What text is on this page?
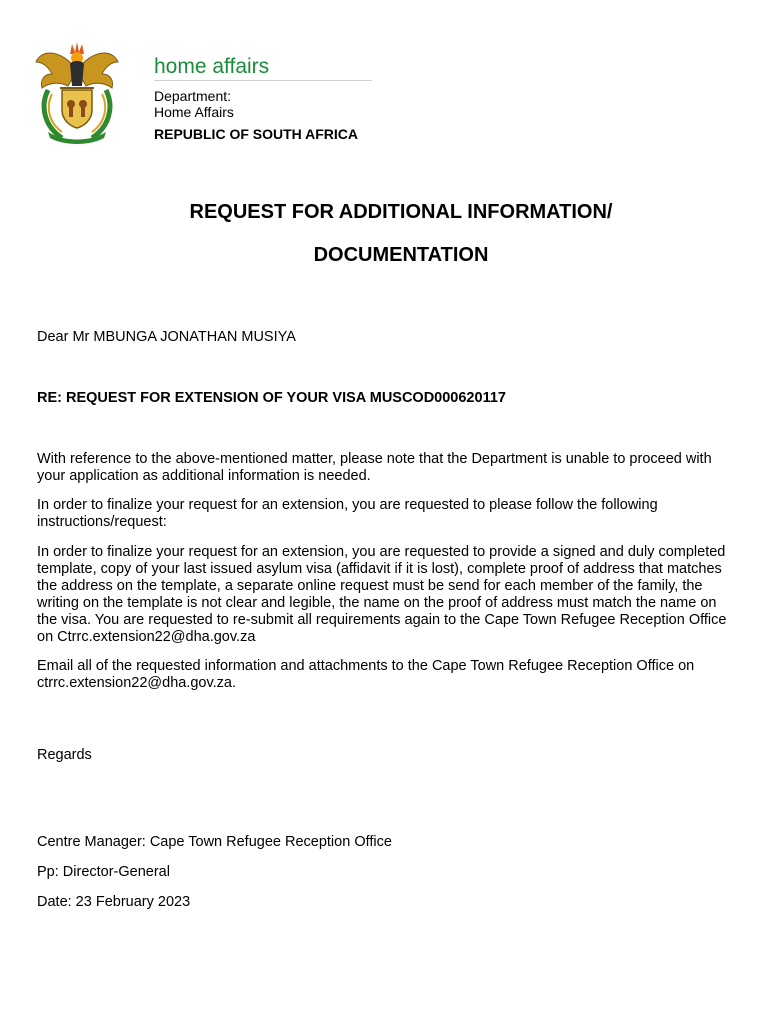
home affairs
Department:
Home Affairs
REPUBLIC OF SOUTH AFRICA
REQUEST FOR ADDITIONAL INFORMATION/
DOCUMENTATION
Dear Mr MBUNGA JONATHAN MUSIYA
RE: REQUEST FOR EXTENSION OF YOUR VISA MUSCOD000620117
With reference to the above-mentioned matter, please note that the Department is unable to proceed with your application as additional information is needed.
In order to finalize your request for an extension, you are requested to please follow the following instructions/request:
In order to finalize your request for an extension, you are requested to provide a signed and duly completed template, copy of your last issued asylum visa (affidavit if it is lost), complete proof of address that matches the address on the template, a separate online request must be send for each member of the family, the writing on the template is not clear and legible, the name on the proof of address must match the name on the visa. You are requested to re-submit all requirements again to the Cape Town Refugee Reception Office on Ctrrc.extension22@dha.gov.za
Email all of the requested information and attachments to the Cape Town Refugee Reception Office on ctrrc.extension22@dha.gov.za.
Regards
Centre Manager: Cape Town Refugee Reception Office
Pp: Director-General
Date: 23 February 2023
